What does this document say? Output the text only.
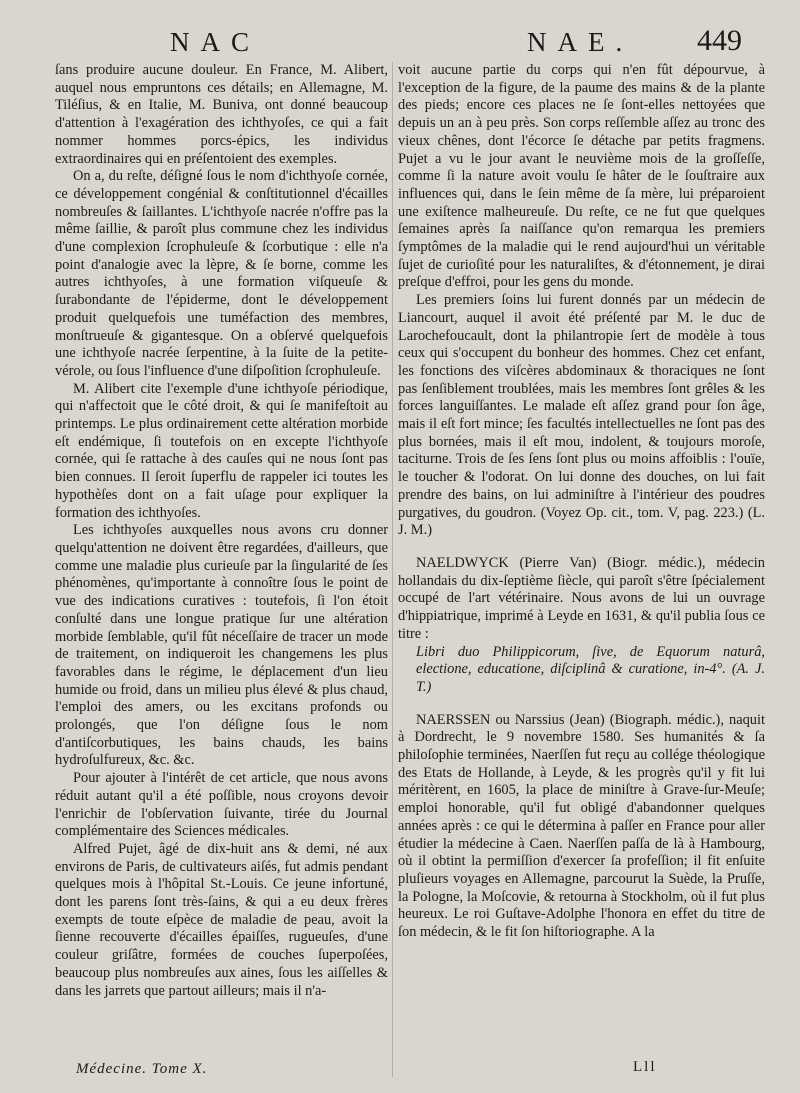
NAC	NAE. 449

ſans produire aucune douleur. En France, M. Alibert, auquel nous empruntons ces détails; en Allemagne, M. Tiléſius, & en Italie, M. Buniva, ont donné beaucoup d'attention à l'exagération des ichthyoſes, ce qui a fait nommer hommes porcs-épics, les individus extraordinaires qui en préſentoient des exemples.

On a, du reſte, déſigné ſous le nom d'ichthyoſe cornée, ce développement congénial & conſtitutionnel d'écailles nombreuſes & ſaillantes. L'ichthyoſe nacrée n'offre pas la même ſaillie, & paroît plus commune chez les individus d'une complexion ſcrophuleuſe & ſcorbutique : elle n'a point d'analogie avec la lèpre, & ſe borne, comme les autres ichthyoſes, à une formation viſqueuſe & ſurabondante de l'épiderme, dont le développement produit quelquefois une tuméfaction des membres, monſtrueuſe & gigantesque. On a obſervé quelquefois une ichthyoſe nacrée ſerpentine, à la ſuite de la petite-vérole, ou ſous l'influence d'une diſpoſition ſcrophuleuſe.

M. Alibert cite l'exemple d'une ichthyoſe périodique, qui n'affectoit que le côté droit, & qui ſe manifeſtoit au printemps. Le plus ordinairement cette altération morbide eſt endémique, ſi toutefois on en excepte l'ichthyoſe cornée, qui ſe rattache à des cauſes qui ne nous ſont pas bien connues. Il ſeroit ſuperflu de rappeler ici toutes les hypothèſes dont on a fait uſage pour expliquer la formation des ichthyoſes.

Les ichthyoſes auxquelles nous avons cru donner quelqu'attention ne doivent être regardées, d'ailleurs, que comme une maladie plus curieuſe par la ſingularité de ſes phénomènes, qu'importante à connoître ſous le point de vue des indications curatives : toutefois, ſi l'on étoit conſulté dans une longue pratique ſur une altération morbide ſemblable, qu'il fût néceſſaire de tracer un mode de traitement, on indiqueroit les changemens les plus favorables dans le régime, le déplacement d'un lieu humide ou froid, dans un milieu plus élevé & plus chaud, l'emploi des amers, ou les excitans profonds ou prolongés, que l'on déſigne ſous le nom d'antiſcorbutiques, les bains chauds, les bains hydroſulfureux, &c. &c.

Pour ajouter à l'intérêt de cet article, que nous avons réduit autant qu'il a été poſſible, nous croyons devoir l'enrichir de l'obſervation ſuivante, tirée du Journal complémentaire des Sciences médicales.

Alfred Pujet, âgé de dix-huit ans & demi, né aux environs de Paris, de cultivateurs aiſés, fut admis pendant quelques mois à l'hôpital St.-Louis. Ce jeune infortuné, dont les parens ſont très-ſains, & qui a eu deux frères exempts de toute eſpèce de maladie de peau, avoit la ſienne recouverte d'écailles épaiſſes, rugueuſes, d'une couleur griſâtre, formées de couches ſuperpoſées, beaucoup plus nombreuſes aux aines, ſous les aiſſelles & dans les jarrets que partout ailleurs; mais il n'a-

voit aucune partie du corps qui n'en fût dépourvue, à l'exception de la figure, de la paume des mains & de la plante des pieds; encore ces places ne ſe ſont-elles nettoyées que depuis un an à peu près. Son corps reſſemble aſſez au tronc des vieux chênes, dont l'écorce ſe détache par petits fragmens. Pujet a vu le jour avant le neuvième mois de la groſſeſſe, comme ſi la nature avoit voulu ſe hâter de le ſouſtraire aux influences qui, dans le ſein même de ſa mère, lui préparoient une exiſtence malheureuſe. Du reſte, ce ne fut que quelques ſemaines après ſa naiſſance qu'on remarqua les premiers ſymptômes de la maladie qui le rend aujourd'hui un véritable ſujet de curioſité pour les naturaliſtes, & d'étonnement, je dirai preſque d'effroi, pour les gens du monde.

Les premiers ſoins lui furent donnés par un médecin de Liancourt, auquel il avoit été préſenté par M. le duc de Larochefoucault, dont la philantropie ſert de modèle à tous ceux qui s'occupent du bonheur des hommes. Chez cet enfant, les fonctions des viſcères abdominaux & thoraciques ne ſont pas ſenſiblement troublées, mais les membres ſont grêles & les forces languiſſantes. Le malade eſt aſſez grand pour ſon âge, mais il eſt fort mince; ſes facultés intellectuelles ne ſont pas des plus bornées, mais il eſt mou, indolent, & toujours moroſe, taciturne. Trois de ſes ſens ſont plus ou moins affoiblis : l'ouïe, le toucher & l'odorat. On lui donne des douches, on lui fait prendre des bains, on lui adminiſtre à l'intérieur des poudres purgatives, du goudron. (Voyez Op. cit., tom. V, pag. 223.) (L. J. M.)

NAELDWYCK (Pierre Van) (Biogr. médic.), médecin hollandais du dix-ſeptième ſiècle, qui paroît s'être ſpécialement occupé de l'art vétérinaire. Nous avons de lui un ouvrage d'hippiatrique, imprimé à Leyde en 1631, & qu'il publia ſous ce titre :

Libri duo Philippicorum, ſive, de Equorum naturâ, electione, educatione, diſciplinâ & curatione, in-4°. (A. J. T.)

NAERSSEN ou Narssius (Jean) (Biograph. médic.), naquit à Dordrecht, le 9 novembre 1580. Ses humanités & ſa philoſophie terminées, Naerſſen fut reçu au collége théologique des Etats de Hollande, à Leyde, & les progrès qu'il y fit lui méritèrent, en 1605, la place de miniſtre à Grave-ſur-Meuſe; emploi honorable, qu'il fut obligé d'abandonner quelques années après : ce qui le détermina à paſſer en France pour aller étudier la médecine à Caen. Naerſſen paſſa de là à Hambourg, où il obtint la permiſſion d'exercer ſa profeſſion; il fit enſuite pluſieurs voyages en Allemagne, parcourut la Suède, la Pruſſe, la Pologne, la Moſcovie, & retourna à Stockholm, où il fut plus heureux. Le roi Guſtave-Adolphe l'honora en effet du titre de ſon médecin, & le fit ſon hiſtoriographe. A la

Médecine. Tome X.	Lll
